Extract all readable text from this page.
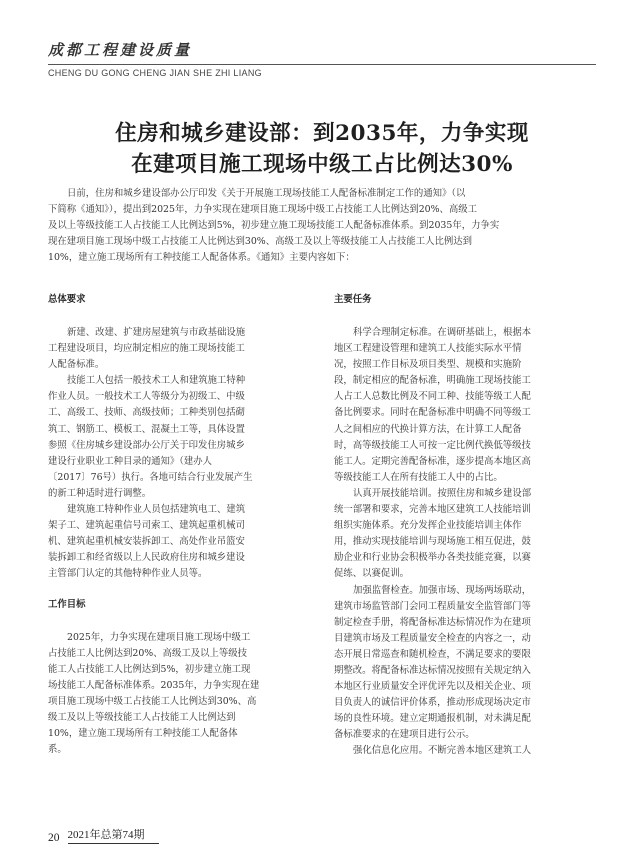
成都工程建设质量
CHENG DU GONG CHENG JIAN SHE ZHI LIANG
住房和城乡建设部：到2035年，力争实现
在建项目施工现场中级工占比例达30%
日前，住房和城乡建设部办公厅印发《关于开展施工现场技能工人配备标准制定工作的通知》（以
下简称《通知》），提出到2025年，力争实现在建项目施工现场中级工占技能工人比例达到20%、高级工
及以上等级技能工人占技能工人比例达到5%，初步建立施工现场技能工人配备标准体系。到2035年，力争实
现在建项目施工现场中级工占技能工人比例达到30%、高级工及以上等级技能工人占技能工人比例达到
10%，建立施工现场所有工种技能工人配备体系。《通知》主要内容如下：
总体要求
新建、改建、扩建房屋建筑与市政基础设施
工程建设项目，均应制定相应的施工现场技能工
人配备标准。
技能工人包括一般技术工人和建筑施工特种
作业人员。一般技术工人等级分为初级工、中级
工、高级工、技师、高级技师；工种类别包括砌
筑工、钢筋工、模板工、混凝土工等，具体设置
参照《住房城乡建设部办公厅关于印发住房城乡
建设行业职业工种目录的通知》（建办人
〔2017〕76号）执行。各地可结合行业发展产生
的新工种适时进行调整。
建筑施工特种作业人员包括建筑电工、建筑
架子工、建筑起重信号司索工、建筑起重机械司
机、建筑起重机械安装拆卸工、高处作业吊篮安
装拆卸工和经省级以上人民政府住房和城乡建设
主管部门认定的其他特种作业人员等。
工作目标
2025年，力争实现在建项目施工现场中级工
占技能工人比例达到20%、高级工及以上等级技
能工人占技能工人比例达到5%，初步建立施工现
场技能工人配备标准体系。2035年，力争实现在建
项目施工现场中级工占技能工人比例达到30%、高
级工及以上等级技能工人占技能工人比例达到
10%，建立施工现场所有工种技能工人配备体
系。
主要任务
科学合理制定标准。在调研基础上，根据本
地区工程建设管理和建筑工人技能实际水平情
况，按照工作目标及项目类型、规模和实施阶
段，制定相应的配备标准，明确施工现场技能工
人占工人总数比例及不同工种、技能等级工人配
备比例要求。同时在配备标准中明确不同等级工
人之间相应的代换计算方法，在计算工人配备
时，高等级技能工人可按一定比例代换低等级技
能工人。定期完善配备标准，逐步提高本地区高
等级技能工人在所有技能工人中的占比。
认真开展技能培训。按照住房和城乡建设部
统一部署和要求，完善本地区建筑工人技能培训
组织实施体系。充分发挥企业技能培训主体作
用，推动实现技能培训与现场施工相互促进，鼓
励企业和行业协会积极举办各类技能竞赛，以赛
促练、以赛促训。
加强监督检查。加强市场、现场两场联动，
建筑市场监管部门会同工程质量安全监管部门等
制定检查手册，将配备标准达标情况作为在建项
目建筑市场及工程质量安全检查的内容之一，动
态开展日常巡查和随机检查，不满足要求的要限
期整改。将配备标准达标情况按照有关规定纳入
本地区行业质量安全评优评先以及相关企业、项
目负责人的诚信评价体系，推动形成现场决定市
场的良性环境。建立定期通报机制，对未满足配
备标准要求的在建项目进行公示。
强化信息化应用。不断完善本地区建筑工人
20 2021年总第74期
